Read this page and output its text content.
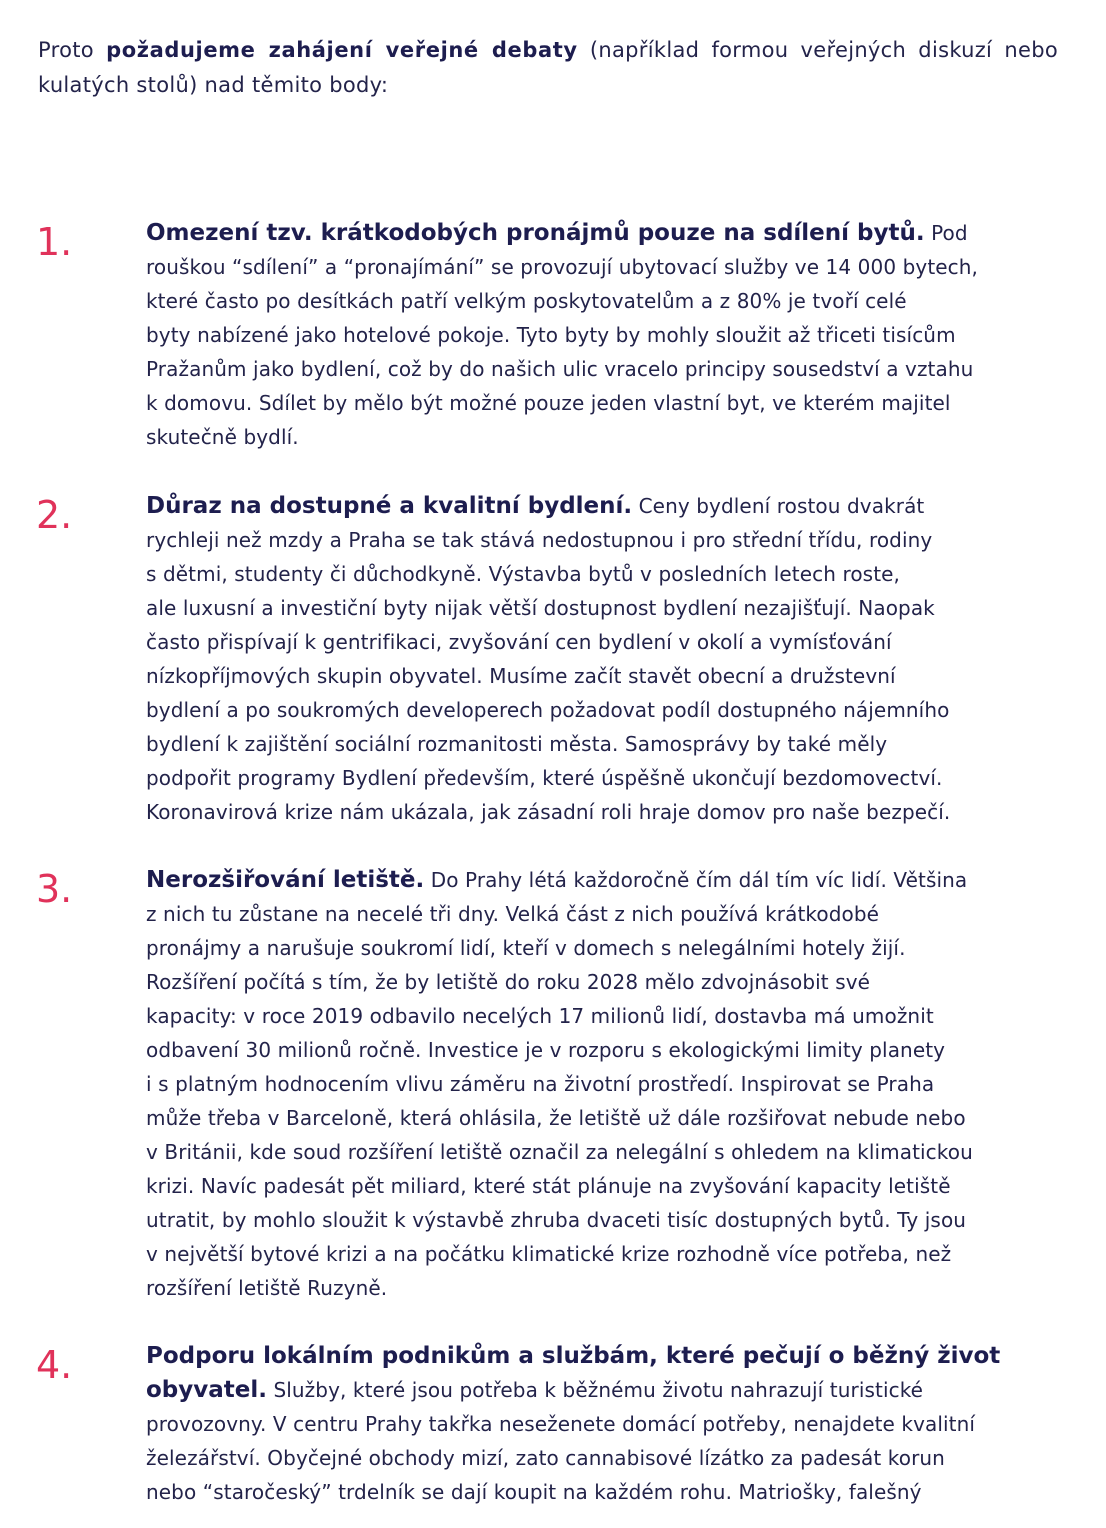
Proto požadujeme zahájení veřejné debaty (například formou veřejných diskuzí nebo kulatých stolů) nad těmito body:

1.	Omezení tzv. krátkodobých pronájmů pouze na sdílení bytů. Pod
rouškou “sdílení” a “pronajímání” se provozují ubytovací služby ve 14 000 bytech,
které často po desítkách patří velkým poskytovatelům a z 80% je tvoří celé
byty nabízené jako hotelové pokoje. Tyto byty by mohly sloužit až třiceti tisícům
Pražanům jako bydlení, což by do našich ulic vracelo principy sousedství a vztahu
k domovu. Sdílet by mělo být možné pouze jeden vlastní byt, ve kterém majitel
skutečně bydlí.
2.	Důraz na dostupné a kvalitní bydlení. Ceny bydlení rostou dvakrát
rychleji než mzdy a Praha se tak stává nedostupnou i pro střední třídu, rodiny
s dětmi, studenty či důchodkyně. Výstavba bytů v posledních letech roste,
ale luxusní a investiční byty nijak větší dostupnost bydlení nezajišťují. Naopak
často přispívají k gentrifikaci, zvyšování cen bydlení v okolí a vymísťování
nízkopříjmových skupin obyvatel. Musíme začít stavět obecní a družstevní
bydlení a po soukromých developerech požadovat podíl dostupného nájemního
bydlení k zajištění sociální rozmanitosti města. Samosprávy by také měly
podpořit programy Bydlení především, které úspěšně ukončují bezdomovectví.
Koronavirová krize nám ukázala, jak zásadní roli hraje domov pro naše bezpečí.
3.	Nerozšiřování letiště. Do Prahy létá každoročně čím dál tím víc lidí. Většina
z nich tu zůstane na necelé tři dny. Velká část z nich používá krátkodobé
pronájmy a narušuje soukromí lidí, kteří v domech s nelegálními hotely žijí.
Rozšíření počítá s tím, že by letiště do roku 2028 mělo zdvojnásobit své
kapacity: v roce 2019 odbavilo necelých 17 milionů lidí, dostavba má umožnit
odbavení 30 milionů ročně. Investice je v rozporu s ekologickými limity planety
i s platným hodnocením vlivu záměru na životní prostředí. Inspirovat se Praha
může třeba v Barceloně, která ohlásila, že letiště už dále rozšiřovat nebude nebo
v Británii, kde soud rozšíření letiště označil za nelegální s ohledem na klimatickou
krizi. Navíc padesát pět miliard, které stát plánuje na zvyšování kapacity letiště
utratit, by mohlo sloužit k výstavbě zhruba dvaceti tisíc dostupných bytů. Ty jsou
v největší bytové krizi a na počátku klimatické krize rozhodně více potřeba, než
rozšíření letiště Ruzyně.
4.	Podporu lokálním podnikům a službám, které pečují o běžný život
obyvatel. Služby, které jsou potřeba k běžnému životu nahrazují turistické
provozovny. V centru Prahy takřka neseženete domácí potřeby, nenajdete kvalitní
železářství. Obyčejné obchody mizí, zato cannabisové lízátko za padesát korun
nebo “staročeský” trdelník se dají koupit na každém rohu. Matriošky, falešný
